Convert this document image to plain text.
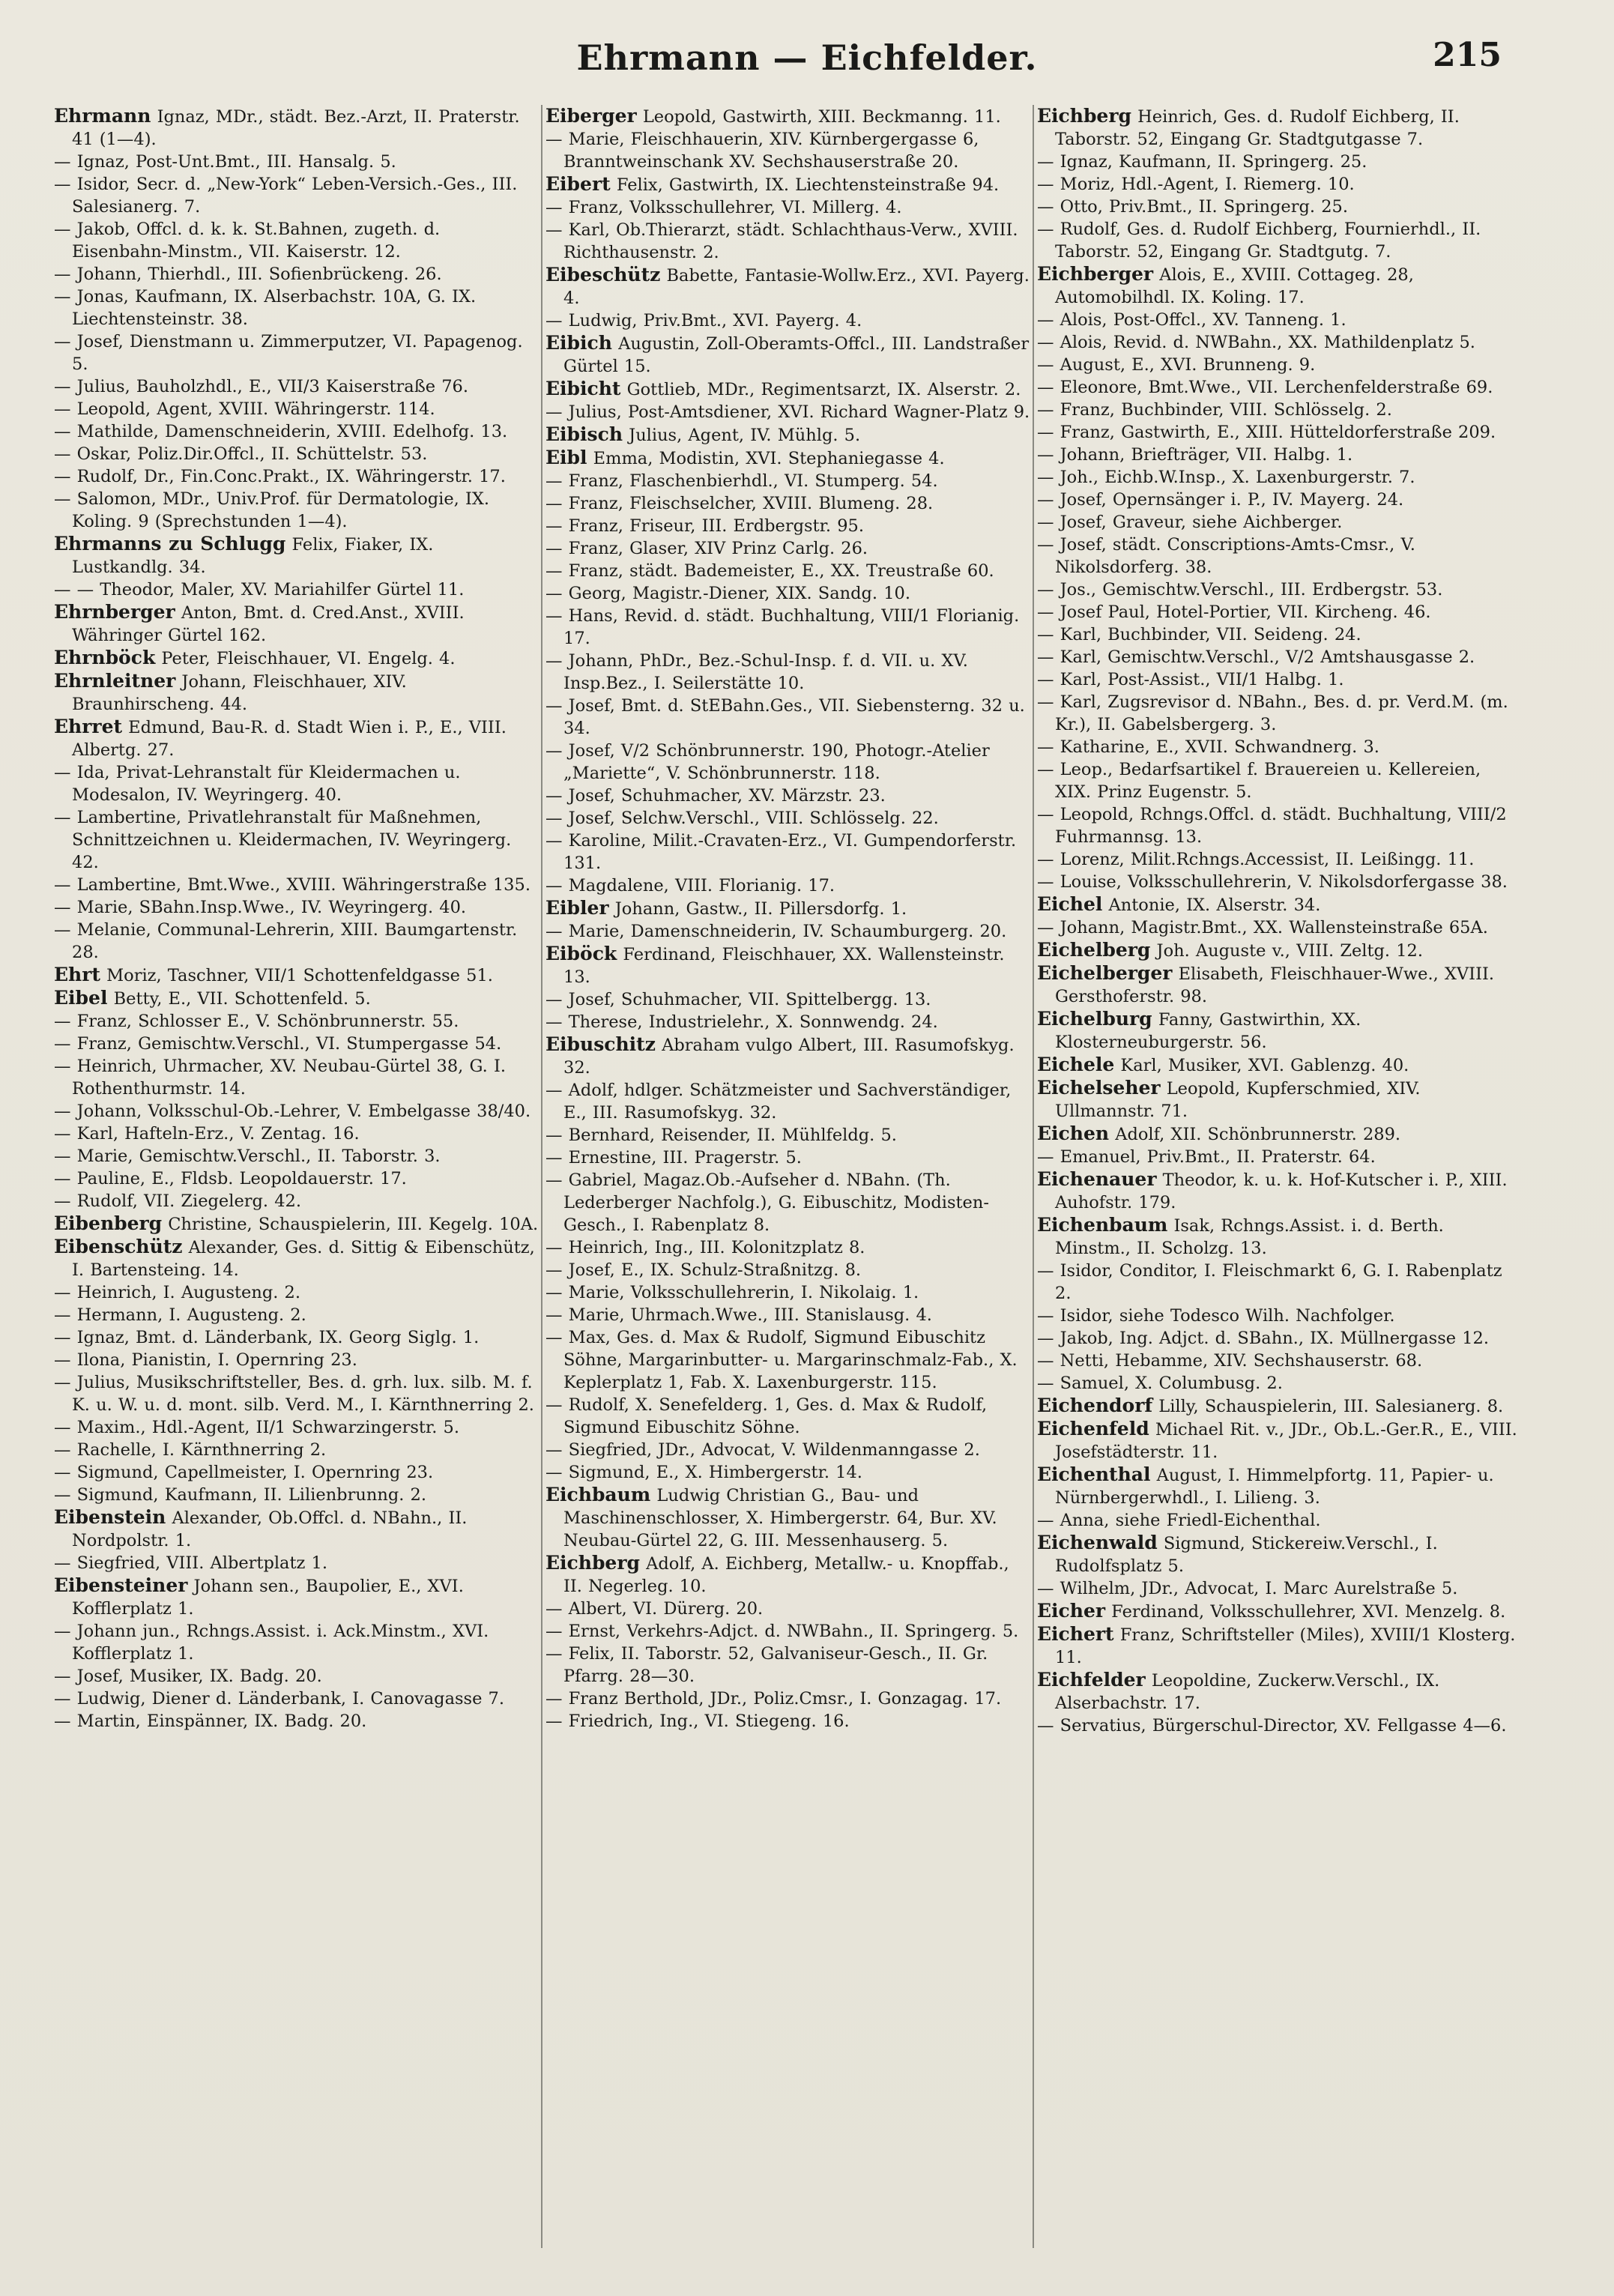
Ehrmann — Eichfelder.	215
Ehrmann Ignaz, MDr., städt. Bez.-Arzt, II. Praterstr. 41 (1—4).
— Ignaz, Post-Unt.Bmt., III. Hansalg. 5.
— Isidor, Secr. d. „New-York“ Leben-Versich.-Ges., III. Salesianerg. 7.
— Jakob, Offcl. d. k. k. St.Bahnen, zugeth. d. Eisenbahn-Minstm., VII. Kaiserstr. 12.
— Johann, Thierhdl., III. Sofienbrückeng. 26.
— Jonas, Kaufmann, IX. Alserbachstr. 10A, G. IX. Liechtensteinstr. 38.
— Josef, Dienstmann u. Zimmerputzer, VI. Papagenog. 5.
— Julius, Bauholzhdl., E., VII/3 Kaiserstraße 76.
— Leopold, Agent, XVIII. Währingerstr. 114.
— Mathilde, Damenschneiderin, XVIII. Edelhofg. 13.
— Oskar, Poliz.Dir.Offcl., II. Schüttelstr. 53.
— Rudolf, Dr., Fin.Conc.Prakt., IX. Währingerstr. 17.
— Salomon, MDr., Univ.Prof. für Dermatologie, IX. Koling. 9 (Sprechstunden 1—4).
Ehrmanns zu Schlugg Felix, Fiaker, IX. Lustkandlg. 34.
— — Theodor, Maler, XV. Mariahilfer Gürtel 11.
Ehrnberger Anton, Bmt. d. Cred.Anst., XVIII. Währinger Gürtel 162.
Ehrnböck Peter, Fleischhauer, VI. Engelg. 4.
Ehrnleitner Johann, Fleischhauer, XIV. Braunhirscheng. 44.
Ehrret Edmund, Bau-R. d. Stadt Wien i. P., E., VIII. Albertg. 27.
— Ida, Privat-Lehranstalt für Kleidermachen u. Modesalon, IV. Weyringerg. 40.
— Lambertine, Privatlehranstalt für Maßnehmen, Schnittzeichnen u. Kleidermachen, IV. Weyringerg. 42.
— Lambertine, Bmt.Wwe., XVIII. Währingerstraße 135.
— Marie, SBahn.Insp.Wwe., IV. Weyringerg. 40.
— Melanie, Communal-Lehrerin, XIII. Baumgartenstr. 28.
Ehrt Moriz, Taschner, VII/1 Schottenfeldgasse 51.
Eibel Betty, E., VII. Schottenfeld. 5.
— Franz, Schlosser E., V. Schönbrunnerstr. 55.
— Franz, Gemischtw.Verschl., VI. Stumpergasse 54.
— Heinrich, Uhrmacher, XV. Neubau-Gürtel 38, G. I. Rothenthurmstr. 14.
— Johann, Volksschul-Ob.-Lehrer, V. Embelgasse 38/40.
— Karl, Hafteln-Erz., V. Zentag. 16.
— Marie, Gemischtw.Verschl., II. Taborstr. 3.
— Pauline, E., Fldsb. Leopoldauerstr. 17.
— Rudolf, VII. Ziegelerg. 42.
Eibenberg Christine, Schauspielerin, III. Kegelg. 10A.
Eibenschütz Alexander, Ges. d. Sittig & Eibenschütz, I. Bartensteing. 14.
— Heinrich, I. Augusteng. 2.
— Hermann, I. Augusteng. 2.
— Ignaz, Bmt. d. Länderbank, IX. Georg Siglg. 1.
— Ilona, Pianistin, I. Opernring 23.
— Julius, Musikschriftsteller, Bes. d. grh. lux. silb. M. f. K. u. W. u. d. mont. silb. Verd. M., I. Kärnthnerring 2.
— Maxim., Hdl.-Agent, II/1 Schwarzingerstr. 5.
— Rachelle, I. Kärnthnerring 2.
— Sigmund, Capellmeister, I. Opernring 23.
— Sigmund, Kaufmann, II. Lilienbrunng. 2.
Eibenstein Alexander, Ob.Offcl. d. NBahn., II. Nordpolstr. 1.
— Siegfried, VIII. Albertplatz 1.
Eibensteiner Johann sen., Baupolier, E., XVI. Kofflerplatz 1.
— Johann jun., Rchngs.Assist. i. Ack.Minstm., XVI. Kofflerplatz 1.
— Josef, Musiker, IX. Badg. 20.
— Ludwig, Diener d. Länderbank, I. Canovagasse 7.
— Martin, Einspänner, IX. Badg. 20.
Eiberger Leopold, Gastwirth, XIII. Beckmanng. 11.
— Marie, Fleischhauerin, XIV. Kürnbergergasse 6, Branntweinschank XV. Sechshauserstraße 20.
Eibert Felix, Gastwirth, IX. Liechtensteinstraße 94.
— Franz, Volksschullehrer, VI. Millerg. 4.
— Karl, Ob.Thierarzt, städt. Schlachthaus-Verw., XVIII. Richthausenstr. 2.
Eibeschütz Babette, Fantasie-Wollw.Erz., XVI. Payerg. 4.
— Ludwig, Priv.Bmt., XVI. Payerg. 4.
Eibich Augustin, Zoll-Oberamts-Offcl., III. Landstraßer Gürtel 15.
Eibicht Gottlieb, MDr., Regimentsarzt, IX. Alserstr. 2.
— Julius, Post-Amtsdiener, XVI. Richard Wagner-Platz 9.
Eibisch Julius, Agent, IV. Mühlg. 5.
Eibl Emma, Modistin, XVI. Stephaniegasse 4.
— Franz, Flaschenbierhdl., VI. Stumperg. 54.
— Franz, Fleischselcher, XVIII. Blumeng. 28.
— Franz, Friseur, III. Erdbergstr. 95.
— Franz, Glaser, XIV Prinz Carlg. 26.
— Franz, städt. Bademeister, E., XX. Treustraße 60.
— Georg, Magistr.-Diener, XIX. Sandg. 10.
— Hans, Revid. d. städt. Buchhaltung, VIII/1 Florianig. 17.
— Johann, PhDr., Bez.-Schul-Insp. f. d. VII. u. XV. Insp.Bez., I. Seilerstätte 10.
— Josef, Bmt. d. StEBahn.Ges., VII. Siebensterng. 32 u. 34.
— Josef, V/2 Schönbrunnerstr. 190, Photogr.-Atelier „Mariette“, V. Schönbrunnerstr. 118.
— Josef, Schuhmacher, XV. Märzstr. 23.
— Josef, Selchw.Verschl., VIII. Schlösselg. 22.
— Karoline, Milit.-Cravaten-Erz., VI. Gumpendorferstr. 131.
— Magdalene, VIII. Florianig. 17.
Eibler Johann, Gastw., II. Pillersdorfg. 1.
— Marie, Damenschneiderin, IV. Schaumburgerg. 20.
Eiböck Ferdinand, Fleischhauer, XX. Wallensteinstr. 13.
— Josef, Schuhmacher, VII. Spittelbergg. 13.
— Therese, Industrielehr., X. Sonnwendg. 24.
Eibuschitz Abraham vulgo Albert, III. Rasumofskyg. 32.
— Adolf, hdlger. Schätzmeister und Sachverständiger, E., III. Rasumofskyg. 32.
— Bernhard, Reisender, II. Mühlfeldg. 5.
— Ernestine, III. Pragerstr. 5.
— Gabriel, Magaz.Ob.-Aufseher d. NBahn. (Th. Lederberger Nachfolg.), G. Eibuschitz, Modisten-Gesch., I. Rabenplatz 8.
— Heinrich, Ing., III. Kolonitzplatz 8.
— Josef, E., IX. Schulz-Straßnitzg. 8.
— Marie, Volksschullehrerin, I. Nikolaig. 1.
— Marie, Uhrmach.Wwe., III. Stanislausg. 4.
— Max, Ges. d. Max & Rudolf, Sigmund Eibuschitz Söhne, Margarinbutter- u. Margarinschmalz-Fab., X. Keplerplatz 1, Fab. X. Laxenburgerstr. 115.
— Rudolf, X. Senefelderg. 1, Ges. d. Max & Rudolf, Sigmund Eibuschitz Söhne.
— Siegfried, JDr., Advocat, V. Wildenmanngasse 2.
— Sigmund, E., X. Himbergerstr. 14.
Eichbaum Ludwig Christian G., Bau- und Maschinenschlosser, X. Himbergerstr. 64, Bur. XV. Neubau-Gürtel 22, G. III. Messenhauserg. 5.
Eichberg Adolf, A. Eichberg, Metallw.- u. Knopffab., II. Negerleg. 10.
— Albert, VI. Dürerg. 20.
— Ernst, Verkehrs-Adjct. d. NWBahn., II. Springerg. 5.
— Felix, II. Taborstr. 52, Galvaniseur-Gesch., II. Gr. Pfarrg. 28—30.
— Franz Berthold, JDr., Poliz.Cmsr., I. Gonzagag. 17.
— Friedrich, Ing., VI. Stiegeng. 16.
Eichberg Heinrich, Ges. d. Rudolf Eichberg, II. Taborstr. 52, Eingang Gr. Stadtgutgasse 7.
— Ignaz, Kaufmann, II. Springerg. 25.
— Moriz, Hdl.-Agent, I. Riemerg. 10.
— Otto, Priv.Bmt., II. Springerg. 25.
— Rudolf, Ges. d. Rudolf Eichberg, Fournierhdl., II. Taborstr. 52, Eingang Gr. Stadtgutg. 7.
Eichberger Alois, E., XVIII. Cottageg. 28, Automobilhdl. IX. Koling. 17.
— Alois, Post-Offcl., XV. Tanneng. 1.
— Alois, Revid. d. NWBahn., XX. Mathildenplatz 5.
— August, E., XVI. Brunneng. 9.
— Eleonore, Bmt.Wwe., VII. Lerchenfelderstraße 69.
— Franz, Buchbinder, VIII. Schlösselg. 2.
— Franz, Gastwirth, E., XIII. Hütteldorferstraße 209.
— Johann, Briefträger, VII. Halbg. 1.
— Joh., Eichb.W.Insp., X. Laxenburgerstr. 7.
— Josef, Opernsänger i. P., IV. Mayerg. 24.
— Josef, Graveur, siehe Aichberger.
— Josef, städt. Conscriptions-Amts-Cmsr., V. Nikolsdorferg. 38.
— Jos., Gemischtw.Verschl., III. Erdbergstr. 53.
— Josef Paul, Hotel-Portier, VII. Kircheng. 46.
— Karl, Buchbinder, VII. Seideng. 24.
— Karl, Gemischtw.Verschl., V/2 Amtshausgasse 2.
— Karl, Post-Assist., VII/1 Halbg. 1.
— Karl, Zugsrevisor d. NBahn., Bes. d. pr. Verd.M. (m. Kr.), II. Gabelsbergerg. 3.
— Katharine, E., XVII. Schwandnerg. 3.
— Leop., Bedarfsartikel f. Brauereien u. Kellereien, XIX. Prinz Eugenstr. 5.
— Leopold, Rchngs.Offcl. d. städt. Buchhaltung, VIII/2 Fuhrmannsg. 13.
— Lorenz, Milit.Rchngs.Accessist, II. Leißingg. 11.
— Louise, Volksschullehrerin, V. Nikolsdorfergasse 38.
Eichel Antonie, IX. Alserstr. 34.
— Johann, Magistr.Bmt., XX. Wallensteinstraße 65A.
Eichelberg Joh. Auguste v., VIII. Zeltg. 12.
Eichelberger Elisabeth, Fleischhauer-Wwe., XVIII. Gersthoferstr. 98.
Eichelburg Fanny, Gastwirthin, XX. Klosterneuburgerstr. 56.
Eichele Karl, Musiker, XVI. Gablenzg. 40.
Eichelseher Leopold, Kupferschmied, XIV. Ullmannstr. 71.
Eichen Adolf, XII. Schönbrunnerstr. 289.
— Emanuel, Priv.Bmt., II. Praterstr. 64.
Eichenauer Theodor, k. u. k. Hof-Kutscher i. P., XIII. Auhofstr. 179.
Eichenbaum Isak, Rchngs.Assist. i. d. Berth. Minstm., II. Scholzg. 13.
— Isidor, Conditor, I. Fleischmarkt 6, G. I. Rabenplatz 2.
— Isidor, siehe Todesco Wilh. Nachfolger.
— Jakob, Ing. Adjct. d. SBahn., IX. Müllnergasse 12.
— Netti, Hebamme, XIV. Sechshauserstr. 68.
— Samuel, X. Columbusg. 2.
Eichendorf Lilly, Schauspielerin, III. Salesianerg. 8.
Eichenfeld Michael Rit. v., JDr., Ob.L.-Ger.R., E., VIII. Josefstädterstr. 11.
Eichenthal August, I. Himmelpfortg. 11, Papier- u. Nürnbergerwhdl., I. Lilieng. 3.
— Anna, siehe Friedl-Eichenthal.
Eichenwald Sigmund, Stickereiw.Verschl., I. Rudolfsplatz 5.
— Wilhelm, JDr., Advocat, I. Marc Aurelstraße 5.
Eicher Ferdinand, Volksschullehrer, XVI. Menzelg. 8.
Eichert Franz, Schriftsteller (Miles), XVIII/1 Klosterg. 11.
Eichfelder Leopoldine, Zuckerw.Verschl., IX. Alserbachstr. 17.
— Servatius, Bürgerschul-Director, XV. Fellgasse 4—6.
